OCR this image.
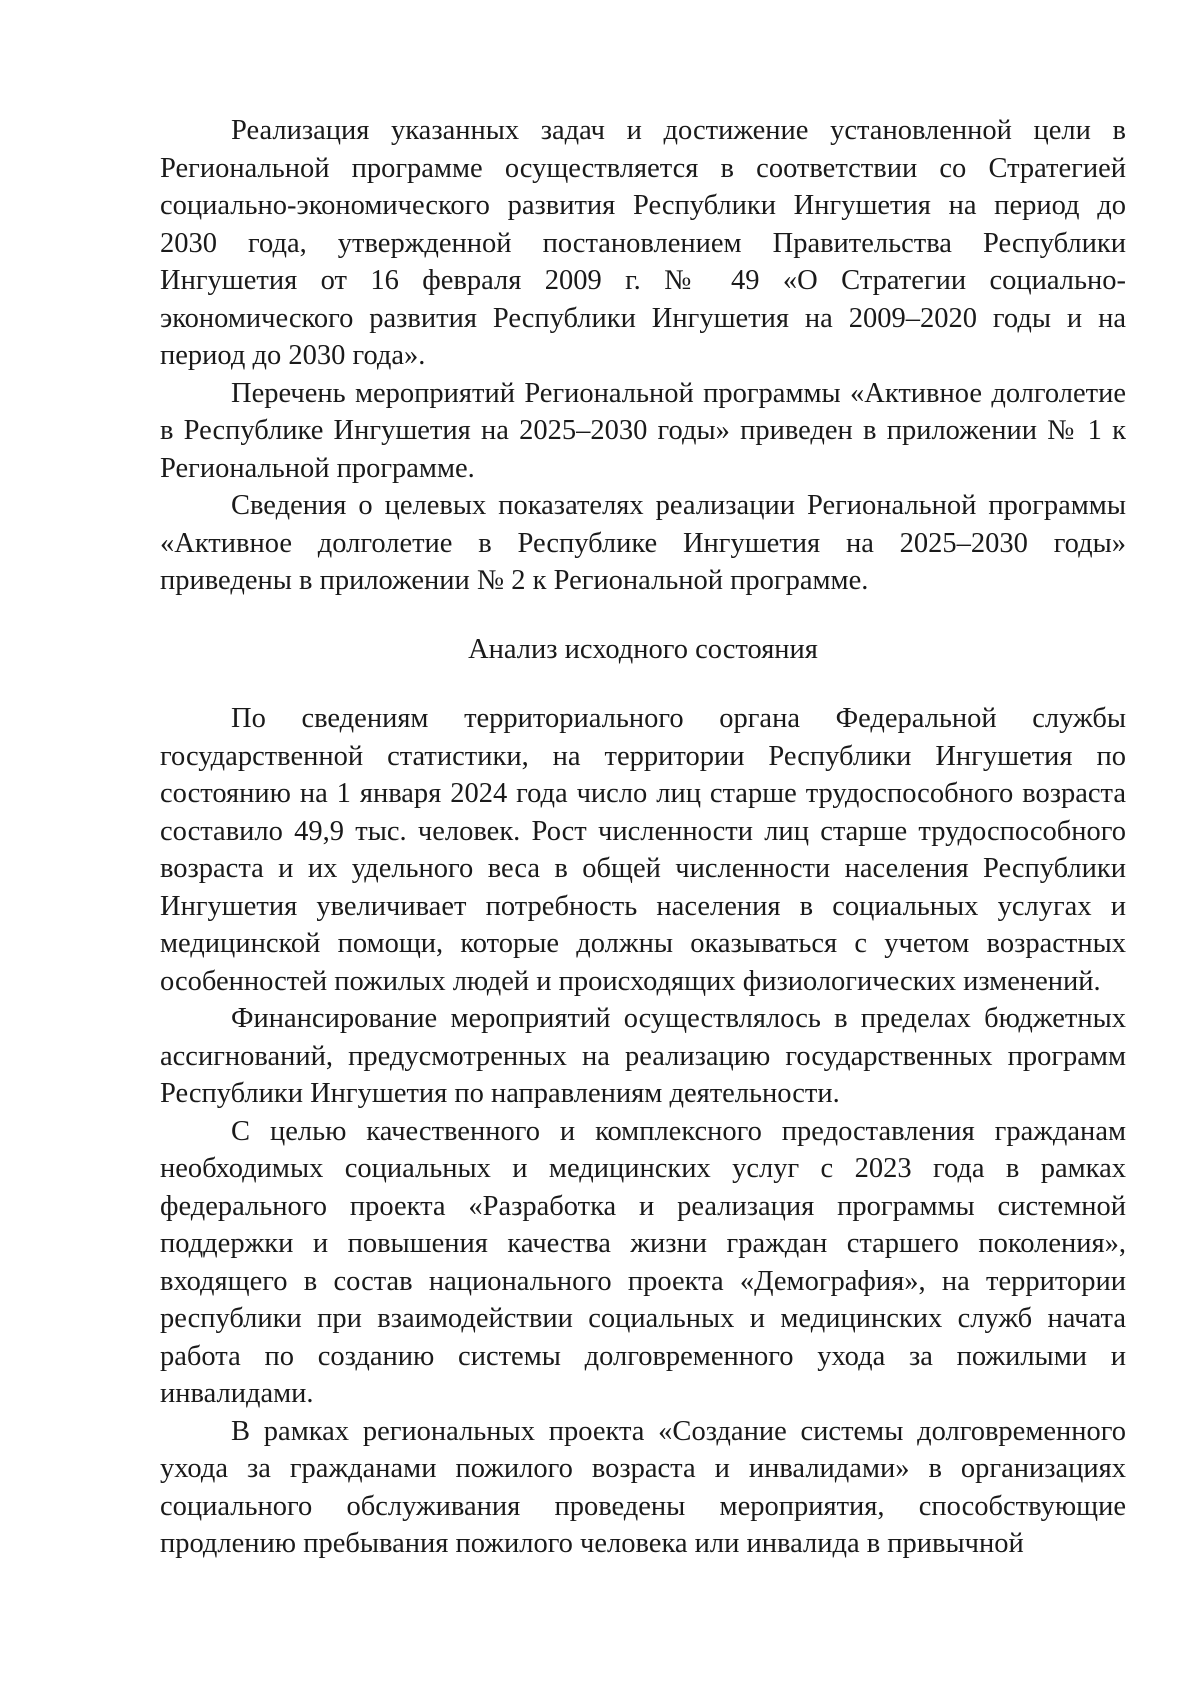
Реализация указанных задач и достижение установленной цели в Региональной программе осуществляется в соответствии со Стратегией социально-экономического развития Республики Ингушетия на период до 2030 года, утвержденной постановлением Правительства Республики Ингушетия от 16 февраля 2009 г. № 49 «О Стратегии социально-экономического развития Республики Ингушетия на 2009–2020 годы и на период до 2030 года».

Перечень мероприятий Региональной программы «Активное долголетие в Республике Ингушетия на 2025–2030 годы» приведен в приложении № 1 к Региональной программе.

Сведения о целевых показателях реализации Региональной программы «Активное долголетие в Республике Ингушетия на 2025–2030 годы» приведены в приложении № 2 к Региональной программе.

Анализ исходного состояния

По сведениям территориального органа Федеральной службы государственной статистики, на территории Республики Ингушетия по состоянию на 1 января 2024 года число лиц старше трудоспособного возраста составило 49,9 тыс. человек. Рост численности лиц старше трудоспособного возраста и их удельного веса в общей численности населения Республики Ингушетия увеличивает потребность населения в социальных услугах и медицинской помощи, которые должны оказываться с учетом возрастных особенностей пожилых людей и происходящих физиологических изменений.

Финансирование мероприятий осуществлялось в пределах бюджетных ассигнований, предусмотренных на реализацию государственных программ Республики Ингушетия по направлениям деятельности.

С целью качественного и комплексного предоставления гражданам необходимых социальных и медицинских услуг с 2023 года в рамках федерального проекта «Разработка и реализация программы системной поддержки и повышения качества жизни граждан старшего поколения», входящего в состав национального проекта «Демография», на территории республики при взаимодействии социальных и медицинских служб начата работа по созданию системы долговременного ухода за пожилыми и инвалидами.

В рамках региональных проекта «Создание системы долговременного ухода за гражданами пожилого возраста и инвалидами» в организациях социального обслуживания проведены мероприятия, способствующие продлению пребывания пожилого человека или инвалида в привычной
